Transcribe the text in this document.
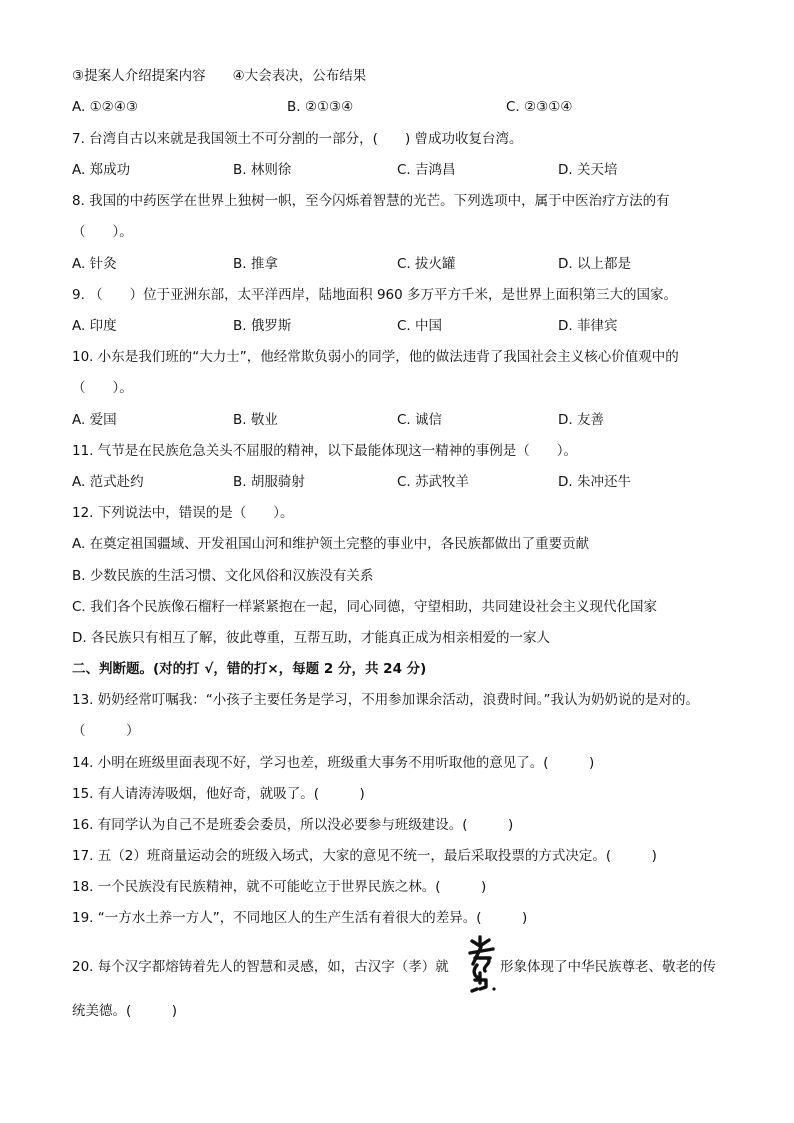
③提案人介绍提案内容　　④大会表决，公布结果
A. ①②④③	B. ②①③④	C. ②③①④
7. 台湾自古以来就是我国领土不可分割的一部分，(　　) 曾成功收复台湾。
A. 郑成功	B. 林则徐	C. 吉鸿昌	D. 关天培
8. 我国的中药医学在世界上独树一帜，至今闪烁着智慧的光芒。下列选项中，属于中医治疗方法的有
（　　）。
A. 针灸	B. 推拿	C. 拔火罐	D. 以上都是
9. （　　）位于亚洲东部，太平洋西岸，陆地面积 960 多万平方千米，是世界上面积第三大的国家。
A. 印度	B. 俄罗斯	C. 中国	D. 菲律宾
10. 小东是我们班的“大力士”，他经常欺负弱小的同学，他的做法违背了我国社会主义核心价值观中的
（　　）。
A. 爱国	B. 敬业	C. 诚信	D. 友善
11. 气节是在民族危急关头不屈服的精神，以下最能体现这一精神的事例是（　　）。
A. 范式赴约	B. 胡服骑射	C. 苏武牧羊	D. 朱冲还牛
12. 下列说法中，错误的是（　　）。
A. 在奠定祖国疆域、开发祖国山河和维护领土完整的事业中，各民族都做出了重要贡献
B. 少数民族的生活习惯、文化风俗和汉族没有关系
C. 我们各个民族像石榴籽一样紧紧抱在一起，同心同德，守望相助，共同建设社会主义现代化国家
D. 各民族只有相互了解，彼此尊重，互帮互助，才能真正成为相亲相爱的一家人
二、判断题。(对的打 √，错的打×，每题 2 分，共 24 分)
13. 奶奶经常叮嘱我：“小孩子主要任务是学习，不用参加课余活动，浪费时间。”我认为奶奶说的是对的。
（　　　）
14. 小明在班级里面表现不好，学习也差，班级重大事务不用听取他的意见了。(　　　)
15. 有人请涛涛吸烟，他好奇，就吸了。(　　　)
16. 有同学认为自己不是班委会委员，所以没必要参与班级建设。(　　　)
17. 五（2）班商量运动会的班级入场式，大家的意见不统一，最后采取投票的方式决定。(　　　)
18. 一个民族没有民族精神，就不可能屹立于世界民族之林。(　　　)
19. “一方水土养一方人”，不同地区人的生产生活有着很大的差异。(　　　)
20. 每个汉字都熔铸着先人的智慧和灵感，如，古汉字（孝）就	形象体现了中华民族尊老、敬老的传
统美德。(　　　)
